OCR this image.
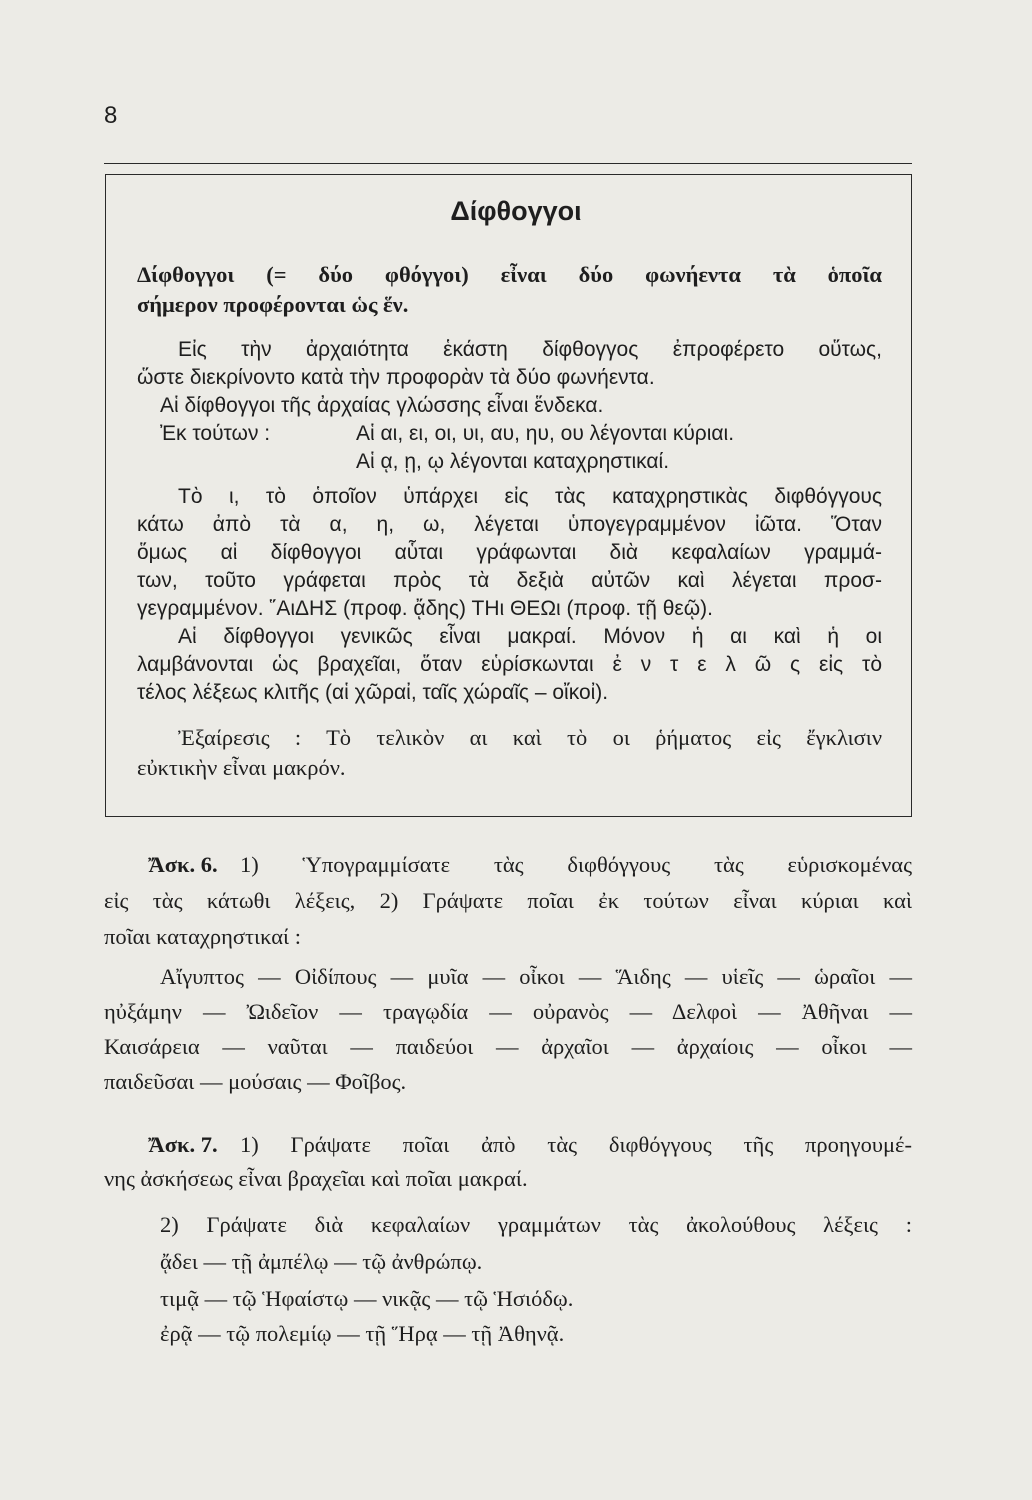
8
Δίφθογγοι
Δίφθογγοι (= δύο φθόγγοι) εἶναι δύο φωνήεντα τὰ ὁποῖα
σήμερον προφέρονται ὡς ἕν.
Εἰς τὴν ἀρχαιότητα ἑκάστη δίφθογγος ἐπροφέρετο οὕτως,
ὥστε διεκρίνοντο κατὰ τὴν προφορὰν τὰ δύο φωνήεντα.
Αἱ δίφθογγοι τῆς ἀρχαίας γλώσσης εἶναι ἕνδεκα.
Ἐκ τούτων :	Αἱ αι, ει, οι, υι, αυ, ηυ, ου λέγονται κύριαι.
Αἱ ᾳ, ῃ, ῳ λέγονται καταχρηστικαί.
Τὸ ι, τὸ ὁποῖον ὑπάρχει εἰς τὰς καταχρηστικὰς διφθόγγους
κάτω ἀπὸ τὰ α, η, ω, λέγεται ὑπογεγραμμένον ἰῶτα. Ὅταν
ὅμως αἱ δίφθογγοι αὗται γράφωνται διὰ κεφαλαίων γραμμά-
των, τοῦτο γράφεται πρὸς τὰ δεξιὰ αὐτῶν καὶ λέγεται προσ-
γεγραμμένον. ῞ΑιΔΗΣ (προφ. ᾄδης) ΤΗι ΘΕΩι (προφ. τῇ θεῷ).
Αἱ δίφθογγοι γενικῶς εἶναι μακραί. Μόνον ἡ αι καὶ ἡ οι
λαμβάνονται ὡς βραχεῖαι, ὅταν εὑρίσκωνται ἐ ν τ ε λ ῶ ς εἰς τὸ
τέλος λέξεως κλιτῆς (αἱ χῶραἰ, ταῖς χώραῖς – οἴκοἰ).
Ἐξαίρεσις : Τὸ τελικὸν αι καὶ τὸ οι ῥήματος εἰς ἔγκλισιν
εὐκτικὴν εἶναι μακρόν.
Ἄσκ. 6. 1) Ὑπογραμμίσατε τὰς διφθόγγους τὰς εὑρισκομένας
εἰς τὰς κάτωθι λέξεις, 2) Γράψατε ποῖαι ἐκ τούτων εἶναι κύριαι καὶ
ποῖαι καταχρηστικαί :
Αἴγυπτος — Οἰδίπους — μυῖα — οἶκοι — Ἅιδης — υἱεῖς — ὡραῖοι —
ηὐξάμην — Ὠιδεῖον — τραγῳδία — οὐρανὸς — Δελφοὶ — Ἀθῆναι —
Καισάρεια — ναῦται — παιδεύοι — ἀρχαῖοι — ἀρχαίοις — οἶκοι —
παιδεῦσαι — μούσαις — Φοῖβος.
Ἄσκ. 7. 1) Γράψατε ποῖαι ἀπὸ τὰς διφθόγγους τῆς προηγουμέ-
νης ἀσκήσεως εἶναι βραχεῖαι καὶ ποῖαι μακραί.
2) Γράψατε διὰ κεφαλαίων γραμμάτων τὰς ἀκολούθους λέξεις :
ᾄδει — τῇ ἀμπέλῳ — τῷ ἀνθρώπῳ.
τιμᾷ — τῷ Ἡφαίστῳ — νικᾷς — τῷ Ἡσιόδῳ.
ἐρᾷ — τῷ πολεμίῳ — τῇ Ἥρᾳ — τῇ Ἀθηνᾷ.
